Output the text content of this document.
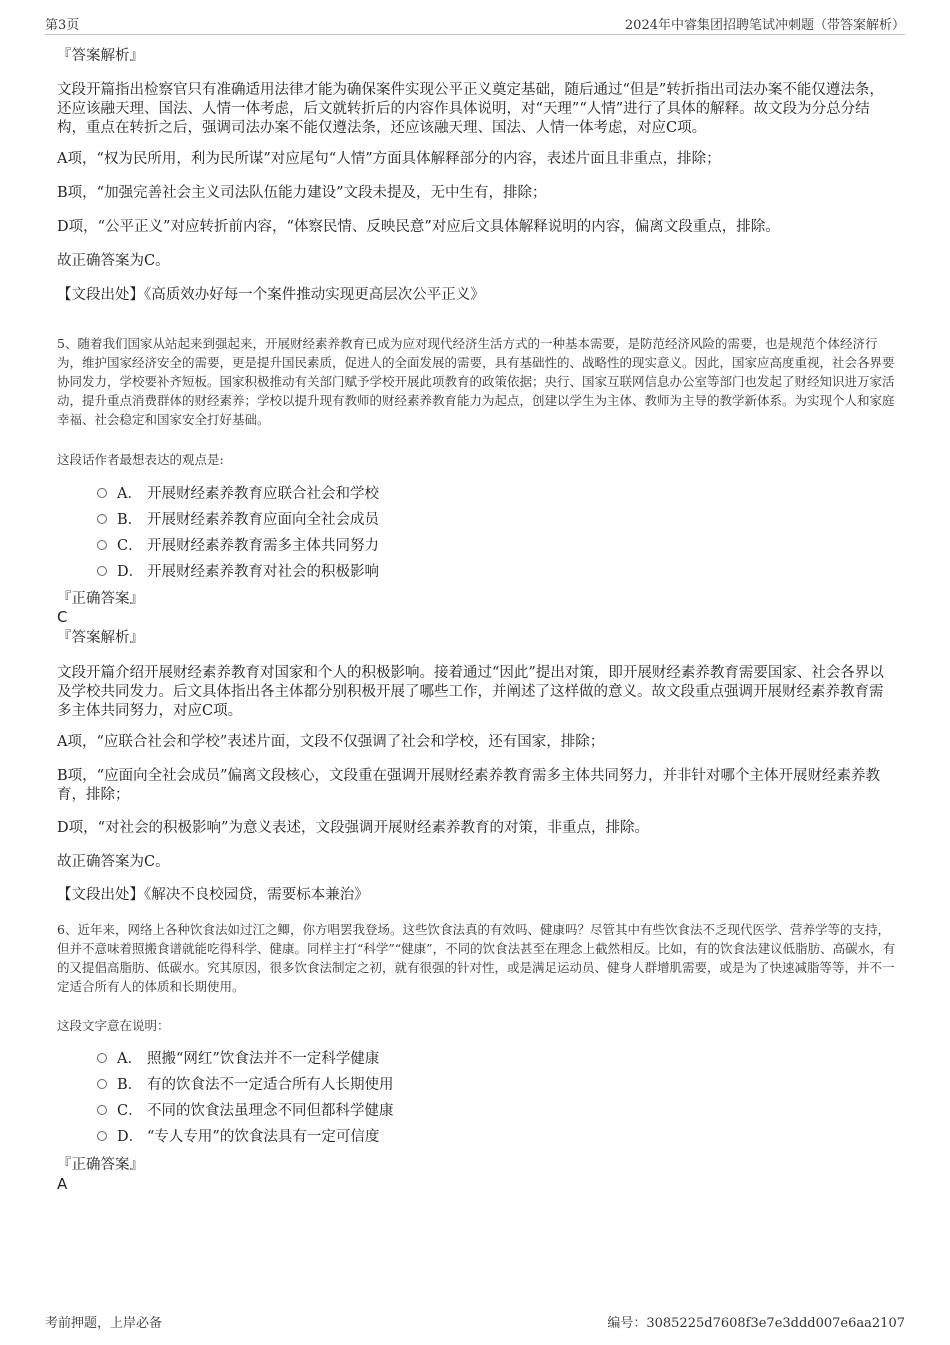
第3页	2024年中睿集团招聘笔试冲刺题（带答案解析）
『答案解析』

文段开篇指出检察官只有准确适用法律才能为确保案件实现公平正义奠定基础，随后通过“但是”转折指出司法办案不能仅遵法条，还应该融天理、国法、人情一体考虑，后文就转折后的内容作具体说明，对“天理”“人情”进行了具体的解释。故文段为分总分结构，重点在转折之后，强调司法办案不能仅遵法条，还应该融天理、国法、人情一体考虑，对应C项。

A项，“权为民所用，利为民所谋”对应尾句“人情”方面具体解释部分的内容，表述片面且非重点，排除；

B项，“加强完善社会主义司法队伍能力建设”文段未提及，无中生有，排除；

D项，“公平正义”对应转折前内容，“体察民情、反映民意”对应后文具体解释说明的内容，偏离文段重点，排除。

故正确答案为C。

【文段出处】《高质效办好每一个案件推动实现更高层次公平正义》

5、随着我们国家从站起来到强起来，开展财经素养教育已成为应对现代经济生活方式的一种基本需要，是防范经济风险的需要，也是规范个体经济行为，维护国家经济安全的需要，更是提升国民素质，促进人的全面发展的需要，具有基础性的、战略性的现实意义。因此，国家应高度重视，社会各界要协同发力，学校要补齐短板。国家积极推动有关部门赋予学校开展此项教育的政策依据；央行、国家互联网信息办公室等部门也发起了财经知识进万家活动，提升重点消费群体的财经素养；学校以提升现有教师的财经素养教育能力为起点，创建以学生为主体、教师为主导的教学新体系。为实现个人和家庭幸福、社会稳定和国家安全打好基础。

这段话作者最想表达的观点是:
A． 开展财经素养教育应联合社会和学校
B． 开展财经素养教育应面向全社会成员
C． 开展财经素养教育需多主体共同努力
D． 开展财经素养教育对社会的积极影响
『正确答案』
C
『答案解析』

文段开篇介绍开展财经素养教育对国家和个人的积极影响。接着通过“因此”提出对策，即开展财经素养教育需要国家、社会各界以及学校共同发力。后文具体指出各主体都分别积极开展了哪些工作，并阐述了这样做的意义。故文段重点强调开展财经素养教育需多主体共同努力，对应C项。

A项，“应联合社会和学校”表述片面，文段不仅强调了社会和学校，还有国家，排除；

B项，“应面向全社会成员”偏离文段核心，文段重在强调开展财经素养教育需多主体共同努力，并非针对哪个主体开展财经素养教育，排除；

D项，“对社会的积极影响”为意义表述，文段强调开展财经素养教育的对策，非重点，排除。

故正确答案为C。

【文段出处】《解决不良校园贷，需要标本兼治》

6、近年来，网络上各种饮食法如过江之鲫，你方唱罢我登场。这些饮食法真的有效吗、健康吗？尽管其中有些饮食法不乏现代医学、营养学等的支持，但并不意味着照搬食谱就能吃得科学、健康。同样主打“科学”“健康”，不同的饮食法甚至在理念上截然相反。比如，有的饮食法建议低脂肪、高碳水，有的又提倡高脂肪、低碳水。究其原因，很多饮食法制定之初，就有很强的针对性，或是满足运动员、健身人群增肌需要，或是为了快速减脂等等，并不一定适合所有人的体质和长期使用。

这段文字意在说明：
A． 照搬“网红”饮食法并不一定科学健康
B． 有的饮食法不一定适合所有人长期使用
C． 不同的饮食法虽理念不同但都科学健康
D． “专人专用”的饮食法具有一定可信度
『正确答案』
A
考前押题，上岸必备	编号：3085225d7608f3e7e3ddd007e6aa2107
